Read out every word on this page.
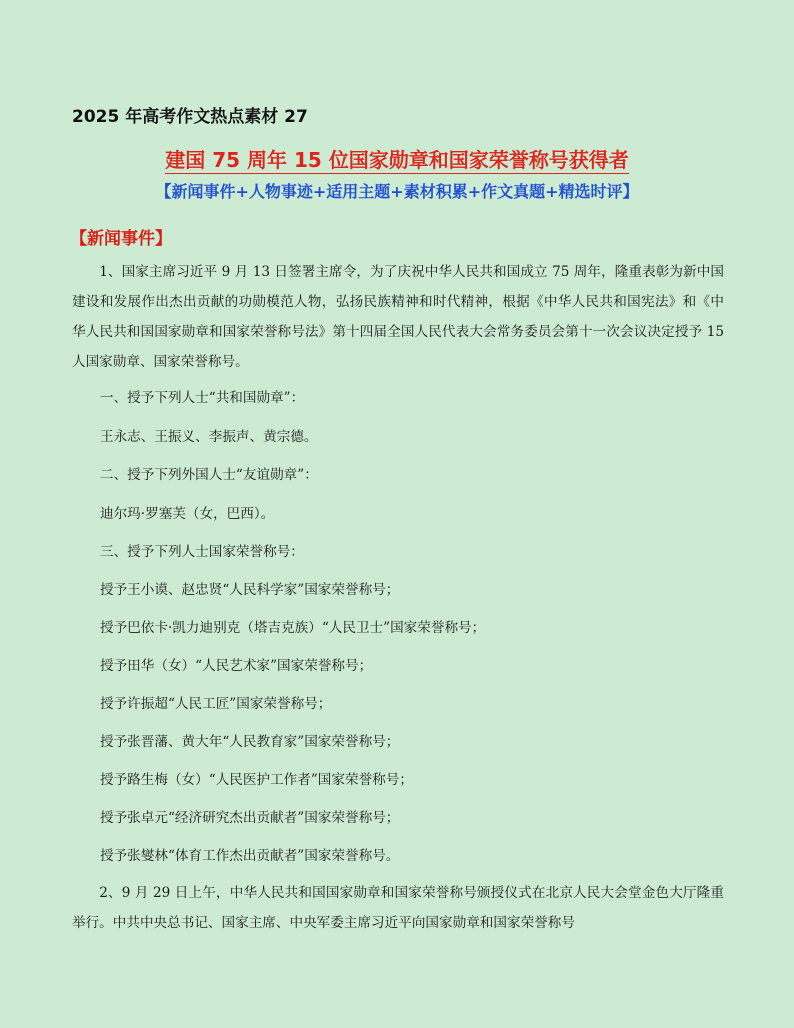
2025 年高考作文热点素材 27
建国 75 周年 15 位国家勋章和国家荣誉称号获得者
【新闻事件+人物事迹+适用主题+素材积累+作文真题+精选时评】
【新闻事件】

1、国家主席习近平 9 月 13 日签署主席令，为了庆祝中华人民共和国成立 75 周年，隆重表彰为新中国建设和发展作出杰出贡献的功勋模范人物，弘扬民族精神和时代精神，根据《中华人民共和国宪法》和《中华人民共和国国家勋章和国家荣誉称号法》第十四届全国人民代表大会常务委员会第十一次会议决定授予 15 人国家勋章、国家荣誉称号。

一、授予下列人士“共和国勋章”：
王永志、王振义、李振声、黄宗德。
二、授予下列外国人士“友谊勋章”：
迪尔玛·罗塞芙（女，巴西）。
三、授予下列人士国家荣誉称号：
授予王小谟、赵忠贤“人民科学家”国家荣誉称号；
授予巴依卡·凯力迪别克（塔吉克族）“人民卫士”国家荣誉称号；
授予田华（女）“人民艺术家”国家荣誉称号；
授予许振超“人民工匠”国家荣誉称号；
授予张晋藩、黄大年“人民教育家”国家荣誉称号；
授予路生梅（女）“人民医护工作者”国家荣誉称号；
授予张卓元“经济研究杰出贡献者”国家荣誉称号；
授予张燮林“体育工作杰出贡献者”国家荣誉称号。

2、9 月 29 日上午，中华人民共和国国家勋章和国家荣誉称号颁授仪式在北京人民大会堂金色大厅隆重举行。中共中央总书记、国家主席、中央军委主席习近平向国家勋章和国家荣誉称号
